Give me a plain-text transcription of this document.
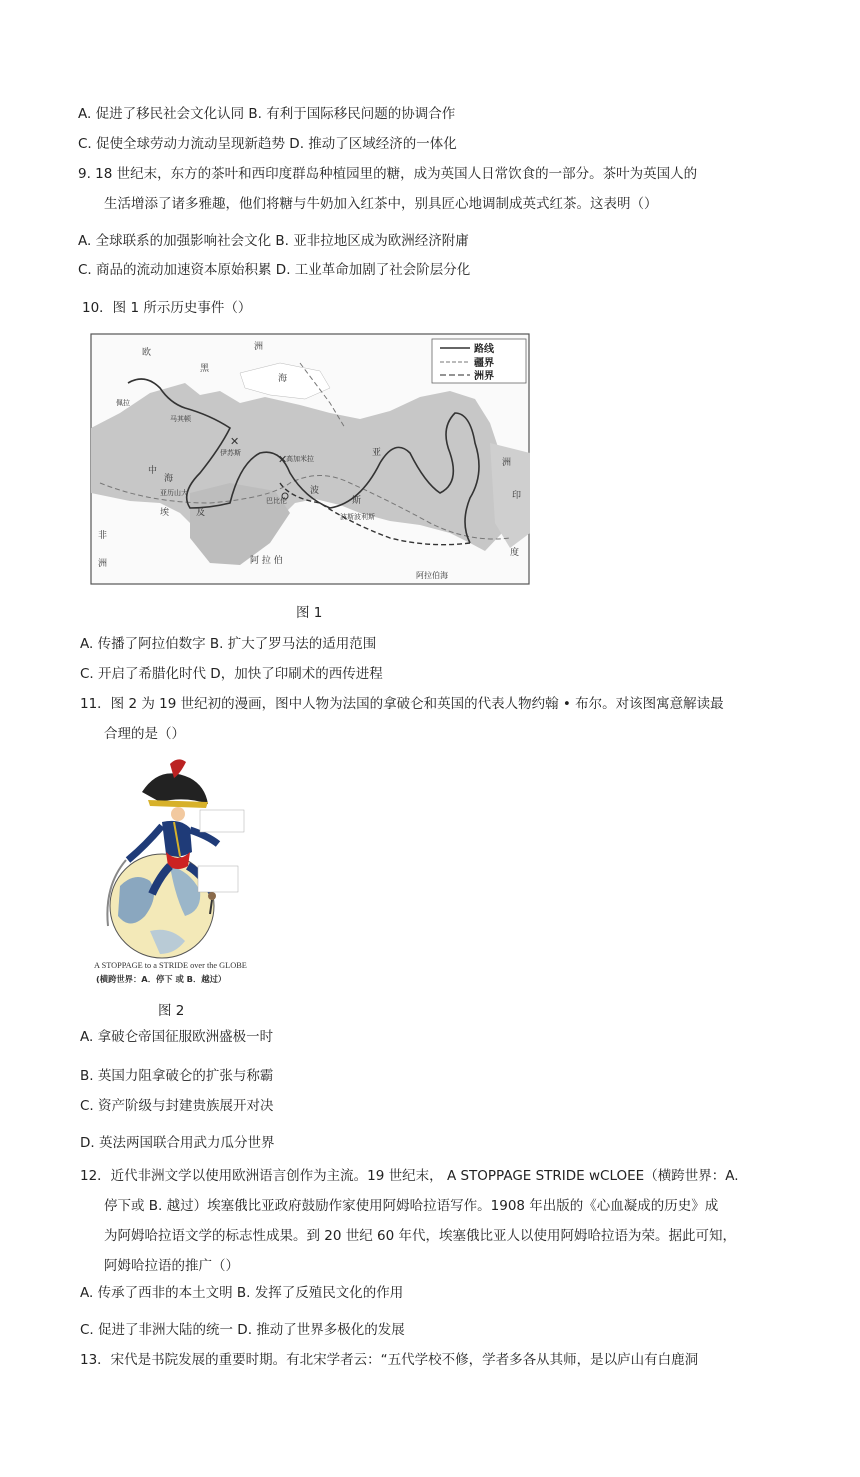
A. 促进了移民社会文化认同 B. 有利于国际移民问题的协调合作
C. 促使全球劳动力流动呈现新趋势 D. 推动了区域经济的一体化
9. 18 世纪末，东方的茶叶和西印度群岛种植园里的糖，成为英国人日常饮食的一部分。茶叶为英国人的
生活增添了诸多雅趣，他们将糖与牛奶加入红茶中，别具匠心地调制成英式红茶。这表明（）
A. 全球联系的加强影响社会文化 B. 亚非拉地区成为欧洲经济附庸
C. 商品的流动加速资本原始积累 D. 工业革命加剧了社会阶层分化
10．图 1 所示历史事件（）
路线
疆界
洲界
欧
洲
黑
海
佩拉
马其顿
中
海
伊苏斯
亚历山大
埃	及
非
洲
高加米拉
巴比伦
波
斯
波斯波利斯
亚
洲
印
度
阿 拉 伯
阿拉伯海
✕
✕
图 1
A. 传播了阿拉伯数字 B. 扩大了罗马法的适用范围
C. 开启了希腊化时代 D，加快了印刷术的西传进程
11．图 2 为 19 世纪初的漫画，图中人物为法国的拿破仑和英国的代表人物约翰 • 布尔。对该图寓意解读最
合理的是（）
A STOPPAGE to a STRIDE over the GLOBE
(横跨世界：A．停下 或 B．越过）
图 2
A. 拿破仑帝国征服欧洲盛极一时
B. 英国力阻拿破仑的扩张与称霸
C. 资产阶级与封建贵族展开对决
D. 英法两国联合用武力瓜分世界
12．近代非洲文学以使用欧洲语言创作为主流。19 世纪末， A STOPPAGE STRIDE wCLOEE（横跨世界：A.
停下或 B. 越过）埃塞俄比亚政府鼓励作家使用阿姆哈拉语写作。1908 年出版的《心血凝成的历史》成
为阿姆哈拉语文学的标志性成果。到 20 世纪 60 年代，埃塞俄比亚人以使用阿姆哈拉语为荣。据此可知，
阿姆哈拉语的推广（）
A. 传承了西非的本土文明 B. 发挥了反殖民文化的作用
C. 促进了非洲大陆的统一 D. 推动了世界多极化的发展
13．宋代是书院发展的重要时期。有北宋学者云：“五代学校不修，学者多各从其师，是以庐山有白鹿洞
